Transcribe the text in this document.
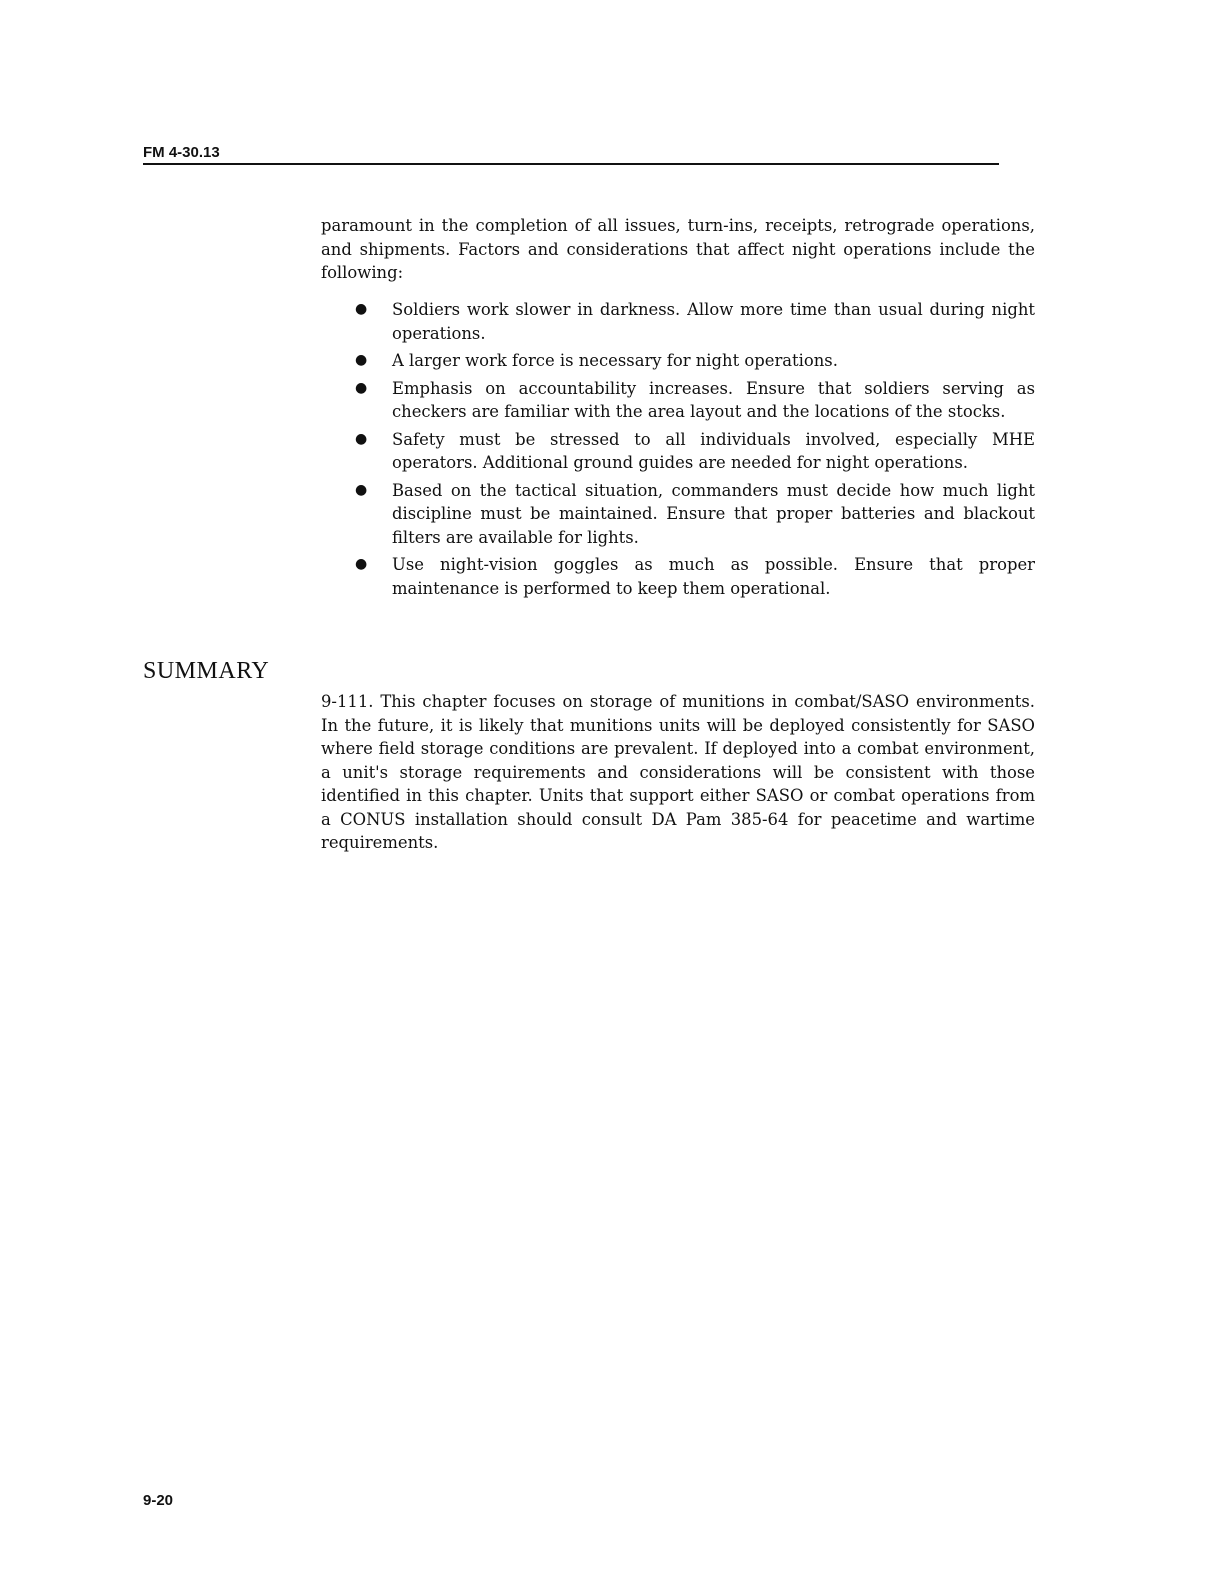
FM 4-30.13
paramount in the completion of all issues, turn-ins, receipts, retrograde operations, and shipments. Factors and considerations that affect night operations include the following:
● Soldiers work slower in darkness. Allow more time than usual during night operations.
● A larger work force is necessary for night operations.
● Emphasis on accountability increases. Ensure that soldiers serving as checkers are familiar with the area layout and the locations of the stocks.
● Safety must be stressed to all individuals involved, especially MHE operators. Additional ground guides are needed for night operations.
● Based on the tactical situation, commanders must decide how much light discipline must be maintained. Ensure that proper batteries and blackout filters are available for lights.
● Use night-vision goggles as much as possible. Ensure that proper maintenance is performed to keep them operational.
SUMMARY
9-111. This chapter focuses on storage of munitions in combat/SASO environments. In the future, it is likely that munitions units will be deployed consistently for SASO where field storage conditions are prevalent. If deployed into a combat environment, a unit's storage requirements and considerations will be consistent with those identified in this chapter. Units that support either SASO or combat operations from a CONUS installation should consult DA Pam 385-64 for peacetime and wartime requirements.
9-20
